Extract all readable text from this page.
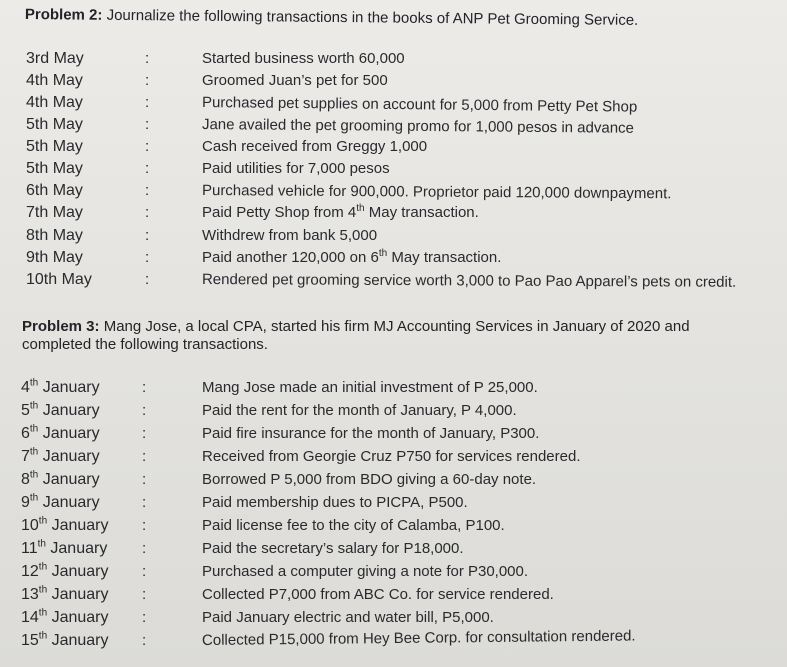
Problem 2: Journalize the following transactions in the books of ANP Pet Grooming Service.
3rd May	:	Started business worth 60,000
4th May	:	Groomed Juan’s pet for 500
4th May	:	Purchased pet supplies on account for 5,000 from Petty Pet Shop
5th May	:	Jane availed the pet grooming promo for 1,000 pesos in advance
5th May	:	Cash received from Greggy 1,000
5th May	:	Paid utilities for 7,000 pesos
6th May	:	Purchased vehicle for 900,000. Proprietor paid 120,000 downpayment.
7th May	:	Paid Petty Shop from 4th May transaction.
8th May	:	Withdrew from bank 5,000
9th May	:	Paid another 120,000 on 6th May transaction.
10th May	:	Rendered pet grooming service worth 3,000 to Pao Pao Apparel’s pets on credit.
Problem 3: Mang Jose, a local CPA, started his firm MJ Accounting Services in January of 2020 and
completed the following transactions.
4th January	:	Mang Jose made an initial investment of P 25,000.
5th January	:	Paid the rent for the month of January, P 4,000.
6th January	:	Paid fire insurance for the month of January, P300.
7th January	:	Received from Georgie Cruz P750 for services rendered.
8th January	:	Borrowed P 5,000 from BDO giving a 60-day note.
9th January	:	Paid membership dues to PICPA, P500.
10th January :	Paid license fee to the city of Calamba, P100.
11th January :	Paid the secretary’s salary for P18,000.
12th January :	Purchased a computer giving a note for P30,000.
13th January :	Collected P7,000 from ABC Co. for service rendered.
14th January :	Paid January electric and water bill, P5,000.
15th January :	Collected P15,000 from Hey Bee Corp. for consultation rendered.
